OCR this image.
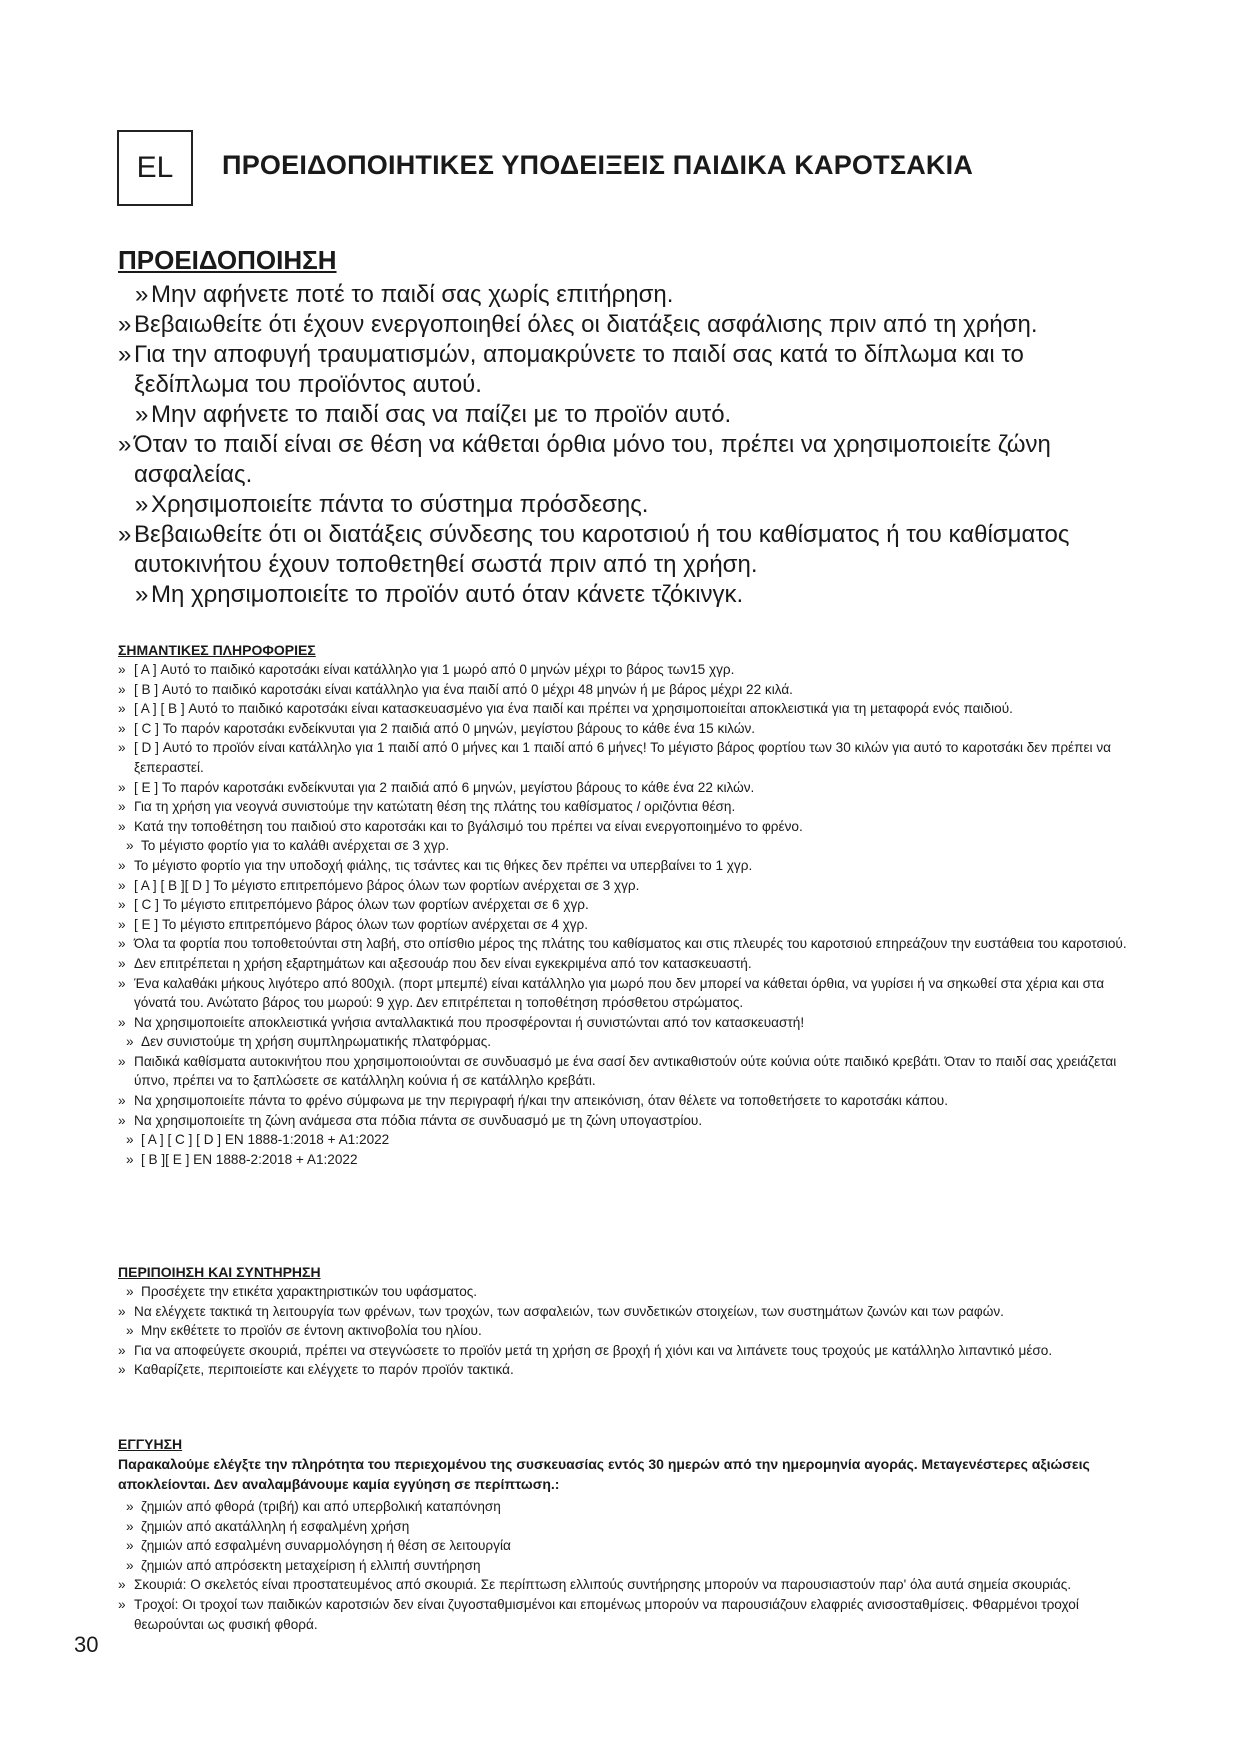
EL ΠΡΟΕΙΔΟΠΟΙΗΤΙΚΕΣ ΥΠΟΔΕΙΞΕΙΣ ΠΑΙΔΙΚΑ ΚΑΡΟΤΣΑΚΙΑ
ΠΡΟΕΙΔΟΠΟΙΗΣΗ
» Μην αφήνετε ποτέ το παιδί σας χωρίς επιτήρηση.
» Βεβαιωθείτε ότι έχουν ενεργοποιηθεί όλες οι διατάξεις ασφάλισης πριν από τη χρήση.
» Για την αποφυγή τραυματισμών, απομακρύνετε το παιδί σας κατά το δίπλωμα και το ξεδίπλωμα του προϊόντος αυτού.
» Μην αφήνετε το παιδί σας να παίζει με το προϊόν αυτό.
» Όταν το παιδί είναι σε θέση να κάθεται όρθια μόνο του, πρέπει να χρησιμοποιείτε ζώνη ασφαλείας.
» Χρησιμοποιείτε πάντα το σύστημα πρόσδεσης.
» Βεβαιωθείτε ότι οι διατάξεις σύνδεσης του καροτσιού ή του καθίσματος ή του καθίσματος αυτοκινήτου έχουν τοποθετηθεί σωστά πριν από τη χρήση.
» Μη χρησιμοποιείτε το προϊόν αυτό όταν κάνετε τζόκινγκ.
ΣΗΜΑΝΤΙΚΕΣ ΠΛΗΡΟΦΟΡΙΕΣ
» [ A ] Αυτό το παιδικό καροτσάκι είναι κατάλληλο για 1 μωρό από 0 μηνών μέχρι το βάρος των15 χγρ.
» [ B ] Αυτό το παιδικό καροτσάκι είναι κατάλληλο για ένα παιδί από 0 μέχρι 48 μηνών ή με βάρος μέχρι 22 κιλά.
» [ A ] [ B ] Αυτό το παιδικό καροτσάκι είναι κατασκευασμένο για ένα παιδί και πρέπει να χρησιμοποιείται αποκλειστικά για τη μεταφορά ενός παιδιού.
» [ C ] Το παρόν καροτσάκι ενδείκνυται για 2 παιδιά από 0 μηνών, μεγίστου βάρους το κάθε ένα 15 κιλών.
» [ D ] Αυτό το προϊόν είναι κατάλληλο για 1 παιδί από 0 μήνες και 1 παιδί από 6 μήνες! Το μέγιστο βάρος φορτίου των 30 κιλών για αυτό το καροτσάκι δεν πρέπει να ξεπεραστεί.
» [ E ] Το παρόν καροτσάκι ενδείκνυται για 2 παιδιά από 6 μηνών, μεγίστου βάρους το κάθε ένα 22 κιλών.
» Για τη χρήση για νεογνά συνιστούμε την κατώτατη θέση της πλάτης του καθίσματος / οριζόντια θέση.
» Κατά την τοποθέτηση του παιδιού στο καροτσάκι και το βγάλσιμό του πρέπει να είναι ενεργοποιημένο το φρένο.
» Το μέγιστο φορτίο για το καλάθι ανέρχεται σε 3 χγρ.
» Το μέγιστο φορτίο για την υποδοχή φιάλης, τις τσάντες και τις θήκες δεν πρέπει να υπερβαίνει το 1 χγρ.
» [ A ] [ B ][ D ] Το μέγιστο επιτρεπόμενο βάρος όλων των φορτίων ανέρχεται σε 3 χγρ.
» [ C ] Το μέγιστο επιτρεπόμενο βάρος όλων των φορτίων ανέρχεται σε 6 χγρ.
» [ E ] Το μέγιστο επιτρεπόμενο βάρος όλων των φορτίων ανέρχεται σε 4 χγρ.
» Όλα τα φορτία που τοποθετούνται στη λαβή, στο οπίσθιο μέρος της πλάτης του καθίσματος και στις πλευρές του καροτσιού επηρεάζουν την ευστάθεια του καροτσιού.
» Δεν επιτρέπεται η χρήση εξαρτημάτων και αξεσουάρ που δεν είναι εγκεκριμένα από τον κατασκευαστή.
» Ένα καλαθάκι μήκους λιγότερο από 800χιλ. (πορτ μπεμπέ) είναι κατάλληλο για μωρό που δεν μπορεί να κάθεται όρθια, να γυρίσει ή να σηκωθεί στα χέρια και στα γόνατά του. Ανώτατο βάρος του μωρού: 9 χγρ. Δεν επιτρέπεται η τοποθέτηση πρόσθετου στρώματος.
» Να χρησιμοποιείτε αποκλειστικά γνήσια ανταλλακτικά που προσφέρονται ή συνιστώνται από τον κατασκευαστή!
» Δεν συνιστούμε τη χρήση συμπληρωματικής πλατφόρμας.
» Παιδικά καθίσματα αυτοκινήτου που χρησιμοποιούνται σε συνδυασμό με ένα σασί δεν αντικαθιστούν ούτε κούνια ούτε παιδικό κρεβάτι. Όταν το παιδί σας χρειάζεται ύπνο, πρέπει να το ξαπλώσετε σε κατάλληλη κούνια ή σε κατάλληλο κρεβάτι.
» Να χρησιμοποιείτε πάντα το φρένο σύμφωνα με την περιγραφή ή/και την απεικόνιση, όταν θέλετε να τοποθετήσετε το καροτσάκι κάπου.
» Να χρησιμοποιείτε τη ζώνη ανάμεσα στα πόδια πάντα σε συνδυασμό με τη ζώνη υπογαστρίου.
» [ A ] [ C ] [ D ] EN 1888-1:2018 + A1:2022
» [ B ][ E ] EN 1888-2:2018 + A1:2022
ΠΕΡΙΠΟΙΗΣΗ ΚΑΙ ΣΥΝΤΗΡΗΣΗ
» Προσέχετε την ετικέτα χαρακτηριστικών του υφάσματος.
» Να ελέγχετε τακτικά τη λειτουργία των φρένων, των τροχών, των ασφαλειών, των συνδετικών στοιχείων, των συστημάτων ζωνών και των ραφών.
» Μην εκθέτετε το προϊόν σε έντονη ακτινοβολία του ηλίου.
» Για να αποφεύγετε σκουριά, πρέπει να στεγνώσετε το προϊόν μετά τη χρήση σε βροχή ή χιόνι και να λιπάνετε τους τροχούς με κατάλληλο λιπαντικό μέσο.
» Καθαρίζετε, περιποιείστε και ελέγχετε το παρόν προϊόν τακτικά.
ΕΓΓΥΗΣΗ
Παρακαλούμε ελέγξτε την πληρότητα του περιεχομένου της συσκευασίας εντός 30 ημερών από την ημερομηνία αγοράς. Μεταγενέστερες αξιώσεις αποκλείονται. Δεν αναλαμβάνουμε καμία εγγύηση σε περίπτωση.:
» ζημιών από φθορά (τριβή) και από υπερβολική καταπόνηση
» ζημιών από ακατάλληλη ή εσφαλμένη χρήση
» ζημιών από εσφαλμένη συναρμολόγηση ή θέση σε λειτουργία
» ζημιών από απρόσεκτη μεταχείριση ή ελλιπή συντήρηση
» Σκουριά: Ο σκελετός είναι προστατευμένος από σκουριά. Σε περίπτωση ελλιπούς συντήρησης μπορούν να παρουσιαστούν παρ' όλα αυτά σημεία σκουριάς.
» Τροχοί: Οι τροχοί των παιδικών καροτσιών δεν είναι ζυγοσταθμισμένοι και επομένως μπορούν να παρουσιάζουν ελαφριές ανισοσταθμίσεις. Φθαρμένοι τροχοί θεωρούνται ως φυσική φθορά.
30
